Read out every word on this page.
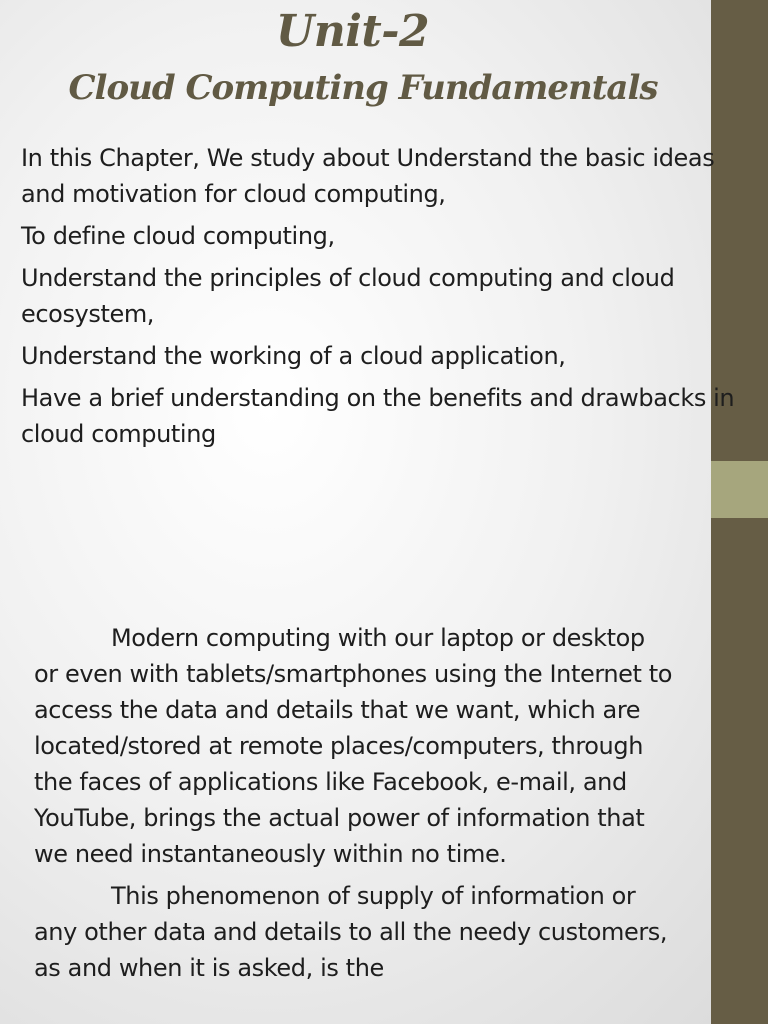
Unit-2
Cloud Computing Fundamentals

In this Chapter, We study about Understand the basic ideas and motivation for cloud computing,

To define cloud computing,

Understand the principles of cloud computing and cloud ecosystem,

Understand the working of a cloud application,

Have a brief understanding on the benefits and drawbacks in cloud computing

Modern computing with our laptop or desktop or even with tablets/smartphones using the Internet to access the data and details that we want, which are located/stored at remote places/computers, through the faces of applications like Facebook, e-mail, and YouTube, brings the actual power of information that we need instantaneously within no time.

This phenomenon of supply of information or any other data and details to all the needy customers, as and when it is asked, is the
